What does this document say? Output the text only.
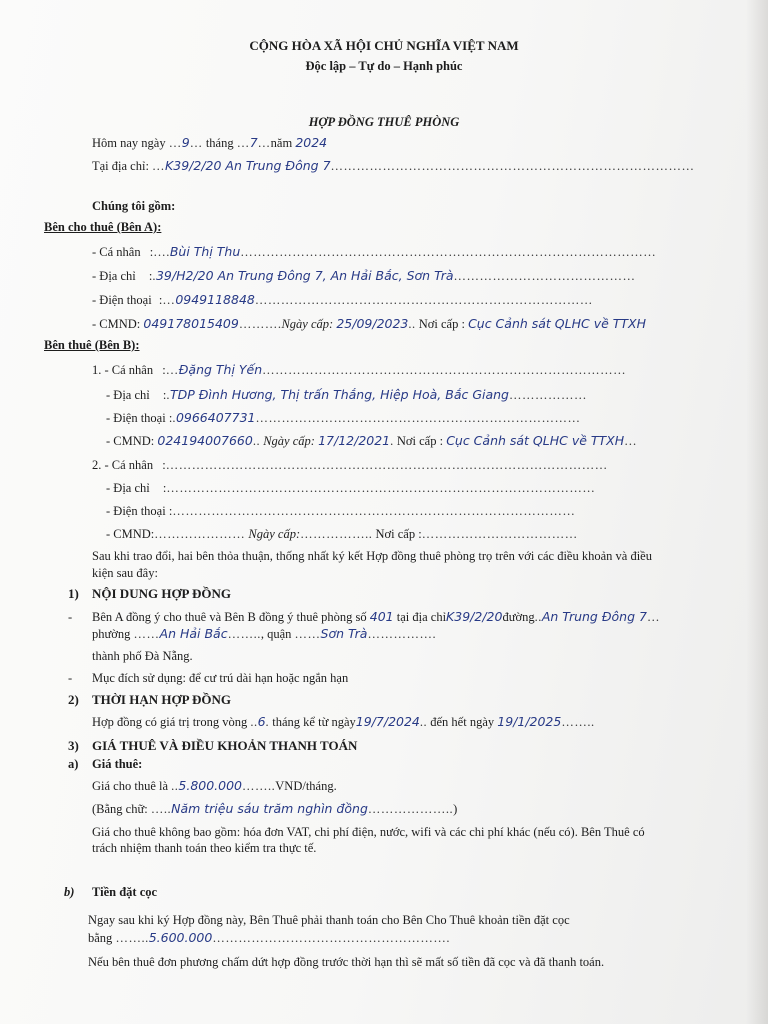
CỘNG HÒA XÃ HỘI CHỦ NGHĨA VIỆT NAM
Độc lập – Tự do – Hạnh phúc
HỢP ĐỒNG THUÊ PHÒNG
Hôm nay ngày …9… tháng …7…năm 2024
Tại địa chỉ: …K39/2/20 An Trung Đông 7…………………………………………………………………………
Chúng tôi gồm:
Bên cho thuê (Bên A):
- Cá nhân :….Bùi Thị Thu……………………………………………………………………………………
- Địa chỉ :.39/H2/20 An Trung Đông 7, An Hải Bắc, Sơn Trà……………………………………
- Điện thoại :…0949118848……………………………………………………………………
- CMND: 049178015409……….Ngày cấp: 25/09/2023.. Nơi cấp : Cục Cảnh sát QLHC về TTXH
Bên thuê (Bên B):
1. - Cá nhân :…Đặng Thị Yến…………………………………………………………………………
- Địa chỉ :.TDP Đình Hương, Thị trấn Thắng, Hiệp Hoà, Bắc Giang………………
- Điện thoại :.0966407731…………………………………………………………………
- CMND: 024194007660.. Ngày cấp: 17/12/2021. Nơi cấp : Cục Cảnh sát QLHC về TTXH…
2. - Cá nhân :…………………………………………………………………………………………
- Địa chỉ :………………………………………………………………………………………
- Điện thoại :…………………………………………………………………………………
- CMND:………………… Ngày cấp:…………….. Nơi cấp :………………………………
Sau khi trao đổi, hai bên thỏa thuận, thống nhất ký kết Hợp đồng thuê phòng trọ trên với các điều khoản và điều
kiện sau đây:
1) NỘI DUNG HỢP ĐỒNG
- Bên A đồng ý cho thuê và Bên B đồng ý thuê phòng số 401 tại địa chỉK39/2/20đường..An Trung Đông 7…
phường ……An Hải Bắc…….., quận ……Sơn Trà…………….
thành phố Đà Nẵng.
- Mục đích sử dụng: để cư trú dài hạn hoặc ngắn hạn
2) THỜI HẠN HỢP ĐỒNG
Hợp đồng có giá trị trong vòng ..6. tháng kể từ ngày19/7/2024.. đến hết ngày 19/1/2025……..
3) GIÁ THUÊ VÀ ĐIỀU KHOẢN THANH TOÁN
a) Giá thuê:
Giá cho thuê là ..5.800.000……..VND/tháng.
(Bằng chữ: …..Năm triệu sáu trăm nghìn đồng………………..)
Giá cho thuê không bao gồm: hóa đơn VAT, chi phí điện, nước, wifi và các chi phí khác (nếu có). Bên Thuê có
trách nhiệm thanh toán theo kiểm tra thực tế.
b) Tiền đặt cọc
Ngay sau khi ký Hợp đồng này, Bên Thuê phải thanh toán cho Bên Cho Thuê khoản tiền đặt cọc
bằng ……..5.600.000……………………………………………….
Nếu bên thuê đơn phương chấm dứt hợp đồng trước thời hạn thì sẽ mất số tiền đã cọc và đã thanh toán.
